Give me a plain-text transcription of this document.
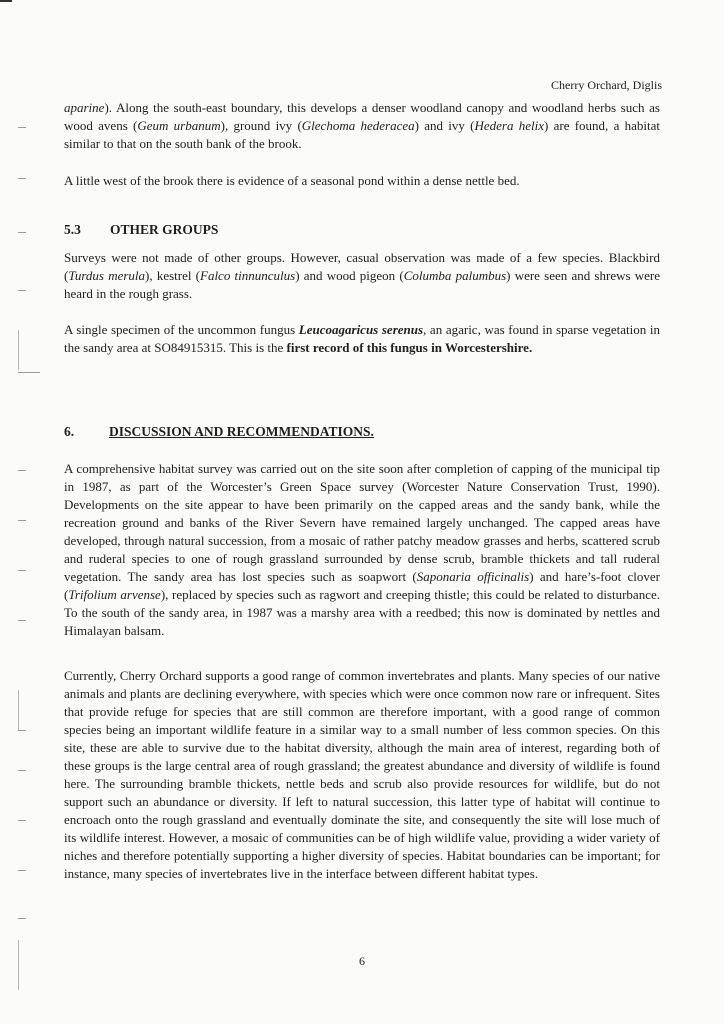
Cherry Orchard, Diglis

aparine). Along the south-east boundary, this develops a denser woodland canopy and woodland herbs such as wood avens (Geum urbanum), ground ivy (Glechoma hederacea) and ivy (Hedera helix) are found, a habitat similar to that on the south bank of the brook.

A little west of the brook there is evidence of a seasonal pond within a dense nettle bed.

5.3 OTHER GROUPS

Surveys were not made of other groups. However, casual observation was made of a few species. Blackbird (Turdus merula), kestrel (Falco tinnunculus) and wood pigeon (Columba palumbus) were seen and shrews were heard in the rough grass.

A single specimen of the uncommon fungus Leucoagaricus serenus, an agaric, was found in sparse vegetation in the sandy area at SO84915315. This is the first record of this fungus in Worcestershire.

6.	DISCUSSION AND RECOMMENDATIONS.

A comprehensive habitat survey was carried out on the site soon after completion of capping of the municipal tip in 1987, as part of the Worcester’s Green Space survey (Worcester Nature Conservation Trust, 1990). Developments on the site appear to have been primarily on the capped areas and the sandy bank, while the recreation ground and banks of the River Severn have remained largely unchanged. The capped areas have developed, through natural succession, from a mosaic of rather patchy meadow grasses and herbs, scattered scrub and ruderal species to one of rough grassland surrounded by dense scrub, bramble thickets and tall ruderal vegetation. The sandy area has lost species such as soapwort (Saponaria officinalis) and hare’s-foot clover (Trifolium arvense), replaced by species such as ragwort and creeping thistle; this could be related to disturbance. To the south of the sandy area, in 1987 was a marshy area with a reedbed; this now is dominated by nettles and Himalayan balsam.

Currently, Cherry Orchard supports a good range of common invertebrates and plants. Many species of our native animals and plants are declining everywhere, with species which were once common now rare or infrequent. Sites that provide refuge for species that are still common are therefore important, with a good range of common species being an important wildlife feature in a similar way to a small number of less common species. On this site, these are able to survive due to the habitat diversity, although the main area of interest, regarding both of these groups is the large central area of rough grassland; the greatest abundance and diversity of wildlife is found here. The surrounding bramble thickets, nettle beds and scrub also provide resources for wildlife, but do not support such an abundance or diversity. If left to natural succession, this latter type of habitat will continue to encroach onto the rough grassland and eventually dominate the site, and consequently the site will lose much of its wildlife interest. However, a mosaic of communities can be of high wildlife value, providing a wider variety of niches and therefore potentially supporting a higher diversity of species. Habitat boundaries can be important; for instance, many species of invertebrates live in the interface between different habitat types.

6
